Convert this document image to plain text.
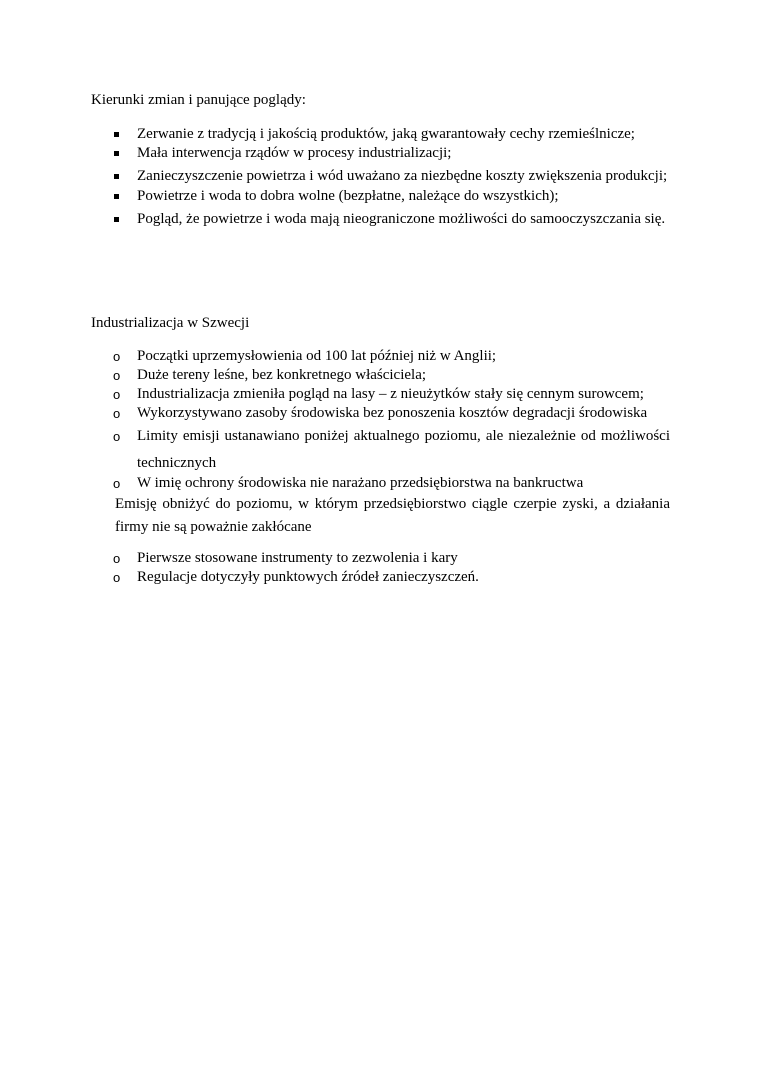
Kierunki zmian i panujące poglądy:
Zerwanie z tradycją i jakością produktów, jaką gwarantowały cechy rzemieślnicze;
Mała interwencja rządów w procesy industrializacji;
Zanieczyszczenie powietrza i wód uważano za niezbędne koszty zwiększenia produkcji;
Powietrze i woda to dobra wolne (bezpłatne, należące do wszystkich);
Pogląd, że powietrze i woda mają nieograniczone możliwości do samooczyszczania się.
Industrializacja w Szwecji
o Początki uprzemysłowienia od 100 lat później niż w Anglii;
o Duże tereny leśne, bez konkretnego właściciela;
o Industrializacja zmieniła pogląd na lasy – z nieużytków stały się cennym surowcem;
o Wykorzystywano zasoby środowiska bez ponoszenia kosztów degradacji środowiska
o Limity emisji ustanawiano poniżej aktualnego poziomu, ale niezależnie od możliwości technicznych
o W imię ochrony środowiska nie narażano przedsiębiorstwa na bankructwa
Emisję obniżyć do poziomu, w którym przedsiębiorstwo ciągle czerpie zyski, a działania firmy nie są poważnie zakłócane
o Pierwsze stosowane instrumenty to zezwolenia i kary
o Regulacje dotyczyły punktowych źródeł zanieczyszczeń.
